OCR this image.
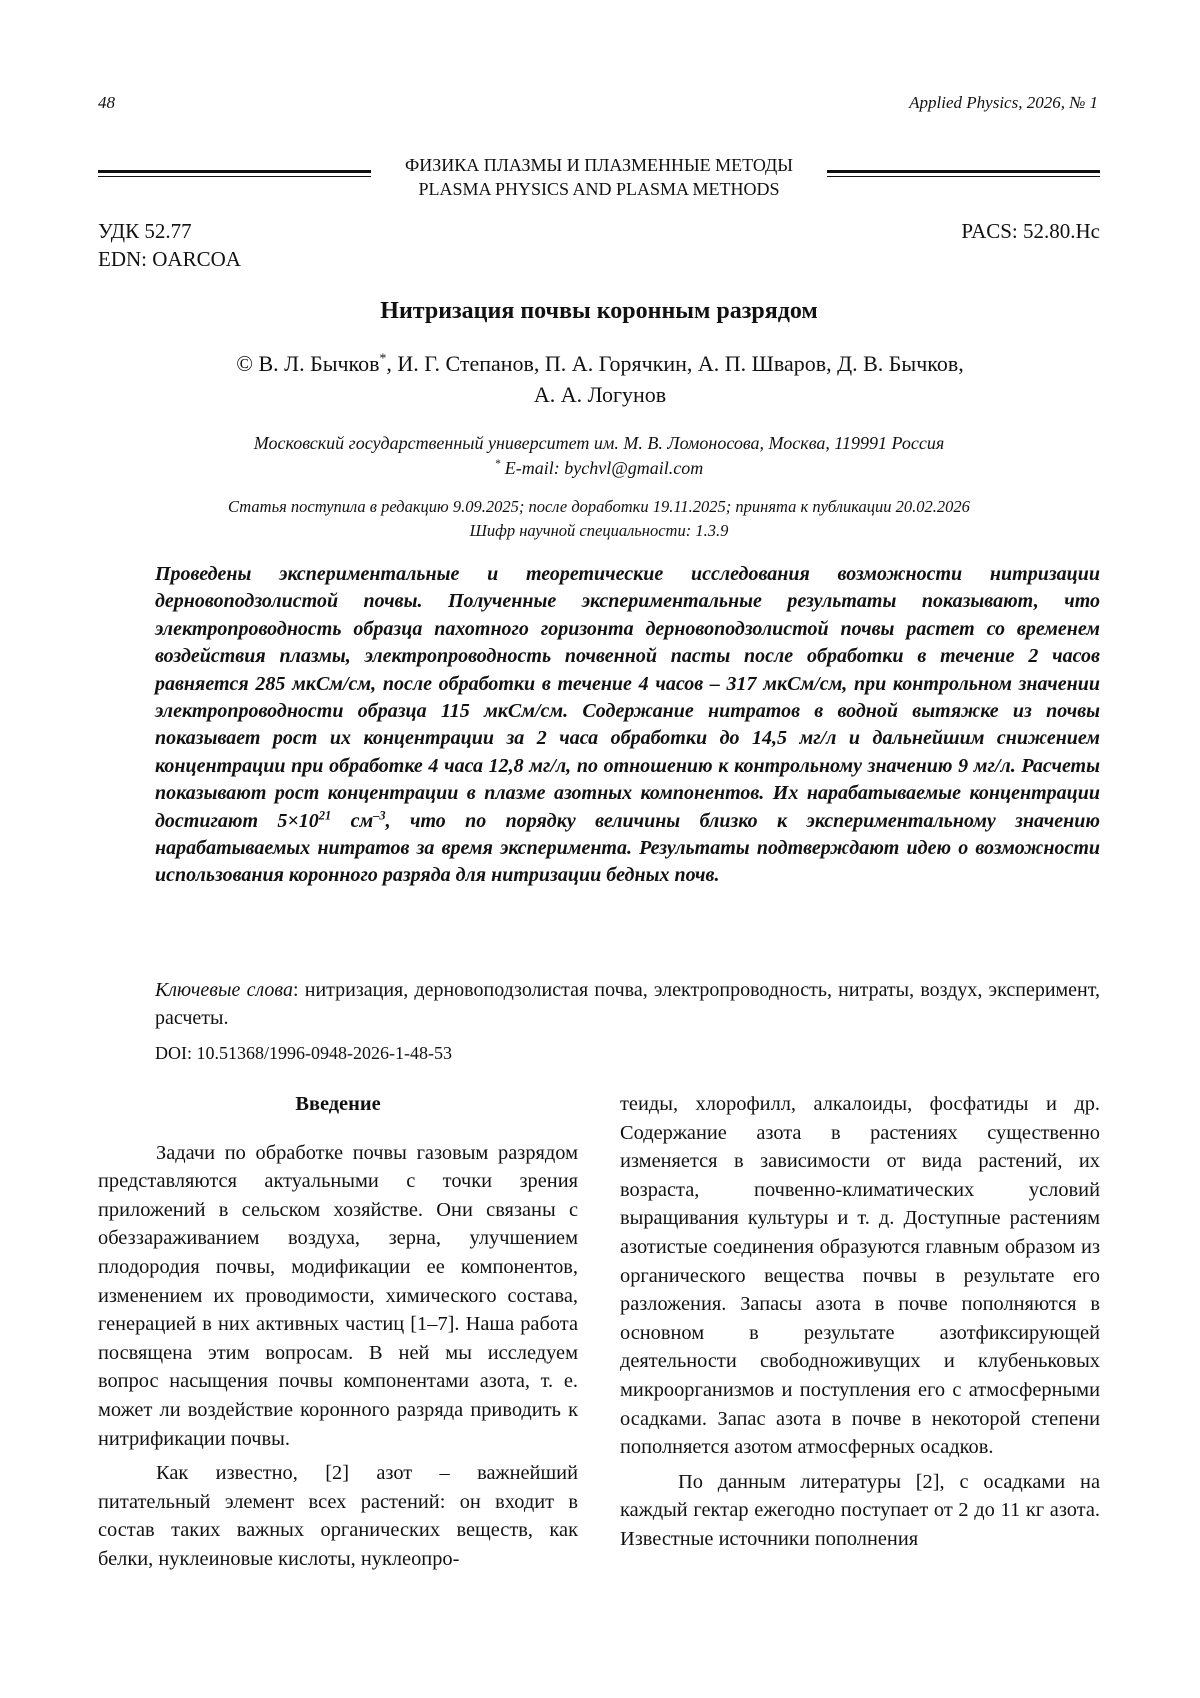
48	Applied Physics, 2026, № 1
ФИЗИКА ПЛАЗМЫ И ПЛАЗМЕННЫЕ МЕТОДЫ
PLASMA PHYSICS AND PLASMA METHODS
УДК 52.77
EDN: OARCOA
PACS: 52.80.Hc
Нитризация почвы коронным разрядом
© В. Л. Бычков*, И. Г. Степанов, П. А. Горячкин, А. П. Шваров, Д. В. Бычков,
А. А. Логунов
Московский государственный университет им. М. В. Ломоносова, Москва, 119991 Россия
* E-mail: bychvl@gmail.com
Статья поступила в редакцию 9.09.2025; после доработки 19.11.2025; принята к публикации 20.02.2026
Шифр научной специальности: 1.3.9
Проведены экспериментальные и теоретические исследования возможности нитризации дерновоподзолистой почвы. Полученные экспериментальные результаты показывают, что электропроводность образца пахотного горизонта дерновоподзолистой почвы растет со временем воздействия плазмы, электропроводность почвенной пасты после обработки в течение 2 часов равняется 285 мкСм/см, после обработки в течение 4 часов – 317 мкСм/см, при контрольном значении электропроводности образца 115 мкСм/см. Содержание нитратов в водной вытяжке из почвы показывает рост их концентрации за 2 часа обработки до 14,5 мг/л и дальнейшим снижением концентрации при обработке 4 часа 12,8 мг/л, по отношению к контрольному значению 9 мг/л. Расчеты показывают рост концентрации в плазме азотных компонентов. Их нарабатываемые концентрации достигают $5\times 10^{21}$ $см^{-3}$, что по порядку величины близко к экспериментальному значению нарабатываемых нитратов за время эксперимента. Результаты подтверждают идею о возможности использования коронного разряда для нитризации бедных почв.
Ключевые слова: нитризация, дерновоподзолистая почва, электропроводность, нитраты, воздух, эксперимент, расчеты.
DOI: 10.51368/1996-0948-2026-1-48-53
Введение

Задачи по обработке почвы газовым разрядом представляются актуальными с точки зрения приложений в сельском хозяйстве. Они связаны с обеззараживанием воздуха, зерна, улучшением плодородия почвы, модификации ее компонентов, изменением их проводимости, химического состава, генерацией в них активных частиц [1–7]. Наша работа посвящена этим вопросам. В ней мы исследуем вопрос насыщения почвы компонентами азота, т. е. может ли воздействие коронного разряда приводить к нитрификации почвы.

Как известно, [2] азот – важнейший питательный элемент всех растений: он входит в состав таких важных органических веществ, как белки, нуклеиновые кислоты, нуклеопро-

теиды, хлорофилл, алкалоиды, фосфатиды и др. Содержание азота в растениях существенно изменяется в зависимости от вида растений, их возраста, почвенно-климатических условий выращивания культуры и т. д. Доступные растениям азотистые соединения образуются главным образом из органического вещества почвы в результате его разложения. Запасы азота в почве пополняются в основном в результате азотфиксирующей деятельности свободноживущих и клубеньковых микроорганизмов и поступления его с атмосферными осадками. Запас азота в почве в некоторой степени пополняется азотом атмосферных осадков.

По данным литературы [2], с осадками на каждый гектар ежегодно поступает от 2 до 11 кг азота. Известные источники пополнения
